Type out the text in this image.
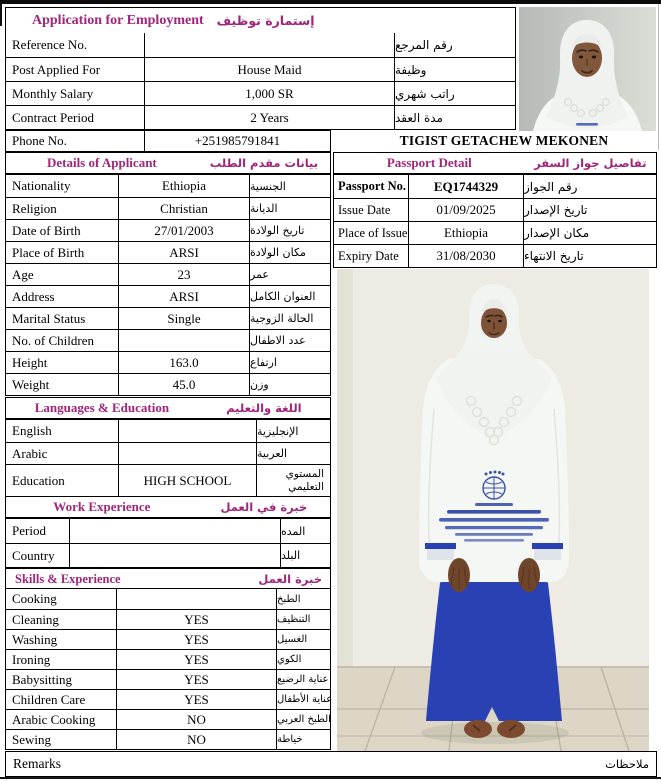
Application for Employment	إستمارة توظيف
Reference No.	رقم المرجع
Post Applied For	House Maid	وظيفة
Monthly Salary	1,000 SR	راتب شهري
Contract Period	2 Years	مدة العقد
Phone No.	+251985791841	TIGIST GETACHEW MEKONEN
Details of Applicant	بيانات مقدم الطلب	Passport Detail	تفاصيل جواز السفر
Nationality	Ethiopia	الجنسية
Religion	Christian	الديانة
Date of Birth	27/01/2003	تاريخ الولادة
Place of Birth	ARSI	مكان الولادة
Age	23	عمر
Address	ARSI	العنوان الكامل
Marital Status	Single	الحالة الزوجية
No. of Children	عدد الاطفال
Height	163.0	ارتفاع
Weight	45.0	وزن
Passport No.	EQ1744329	رقم الجواز
Issue Date	01/09/2025	تاريخ الإصدار
Place of Issue	Ethiopia	مكان الإصدار
Expiry Date	31/08/2030	تاريخ الانتهاء
Languages & Education	اللغة والتعليم
English	الإنجليزية
Arabic	العربية
Education	HIGH SCHOOL	المستوي التعليمي
Work Experience	خبرة في العمل
Period	المده
Country	البلد
Skills & Experience	خبرة العمل
Cooking	الطبخ
Cleaning	YES	التنظيف
Washing	YES	الغسيل
Ironing	YES	الكوي
Babysitting	YES	عناية الرضيع
Children Care	YES	عناية الأطفال
Arabic Cooking	NO	الطبخ العربي
Sewing	NO	خياطة
Remarks	ملاحظات
